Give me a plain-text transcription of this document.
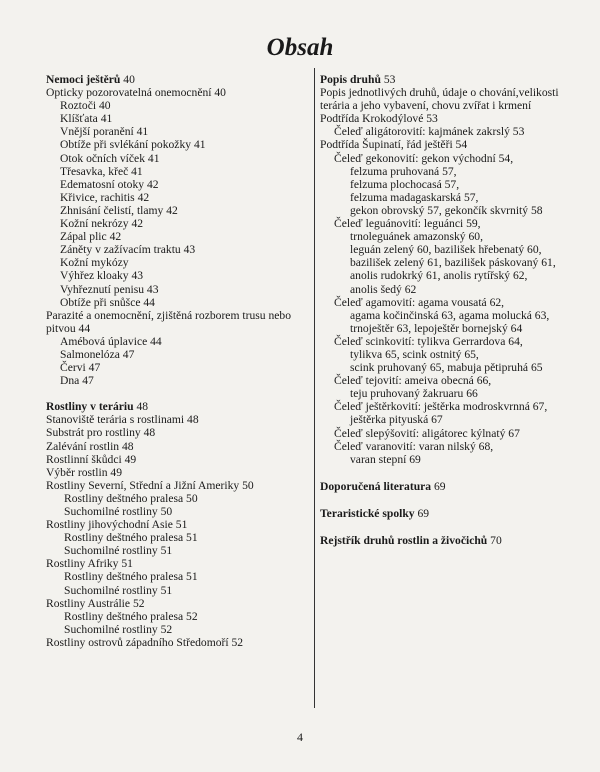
Obsah
Nemoci ještěrů 40
Opticky pozorovatelná onemocnění 40
Roztoči 40
Klíšťata 41
Vnější poranění 41
Obtíže při svlékání pokožky 41
Otok očních víček 41
Třesavka, křeč 41
Edematosní otoky 42
Křivice, rachitis 42
Zhnisání čelistí, tlamy 42
Kožní nekrózy 42
Zápal plic 42
Záněty v zažívacím traktu 43
Kožní mykózy
Výhřez kloaky 43
Vyhřeznutí penisu 43
Obtíže při snůšce 44
Parazité a onemocnění, zjištěná rozborem trusu nebo pitvou 44
Amébová úplavice 44
Salmonelóza 47
Červi 47
Dna 47
Rostliny v teráriu 48
Stanoviště terária s rostlinami 48
Substrát pro rostliny 48
Zalévání rostlin 48
Rostlinní škůdci 49
Výběr rostlin 49
Rostliny Severní, Střední a Jižní Ameriky 50
Rostliny deštného pralesa 50
Suchomilné rostliny 50
Rostliny jihovýchodní Asie 51
Rostliny deštného pralesa 51
Suchomilné rostliny 51
Rostliny Afriky 51
Rostliny deštného pralesa 51
Suchomilné rostliny 51
Rostliny Austrálie 52
Rostliny deštného pralesa 52
Suchomilné rostliny 52
Rostliny ostrovů západního Středomoří 52
Popis druhů 53
Popis jednotlivých druhů, údaje o chování,velikosti terária a jeho vybavení, chovu zvířat i krmení
Podtřída Krokodýlové 53
Čeleď aligátorovití: kajmánek zakrslý 53
Podtřída Šupinatí, řád ještěři 54
Čeleď gekonovití: gekon východní 54,
felzuma pruhovaná 57,
felzuma plochocasá 57,
felzuma madagaskarská 57,
gekon obrovský 57, gekončík skvrnitý 58
Čeleď leguánovití: leguánci 59,
trnoleguánek amazonský 60,
leguán zelený 60, bazilišek hřebenatý 60,
bazilišek zelený 61, bazilišek páskovaný 61,
anolis rudokrký 61, anolis rytířský 62,
anolis šedý 62
Čeleď agamovití: agama vousatá 62,
agama kočinčinská 63, agama molucká 63,
trnoještěr 63, lepoještěr bornejský 64
Čeleď scinkovití: tylikva Gerrardova 64,
tylikva 65, scink ostnitý 65,
scink pruhovaný 65, mabuja pětipruhá 65
Čeleď tejovití: ameiva obecná 66,
teju pruhovaný žakruaru 66
Čeleď ještěrkovití: ještěrka modroskvrnná 67,
ještěrka pityuská 67
Čeleď slepýšovití: aligátorec kýlnatý 67
Čeleď varanovití: varan nilský 68,
varan stepní 69
Doporučená literatura 69
Teraristické spolky 69
Rejstřík druhů rostlin a živočichů 70
4
